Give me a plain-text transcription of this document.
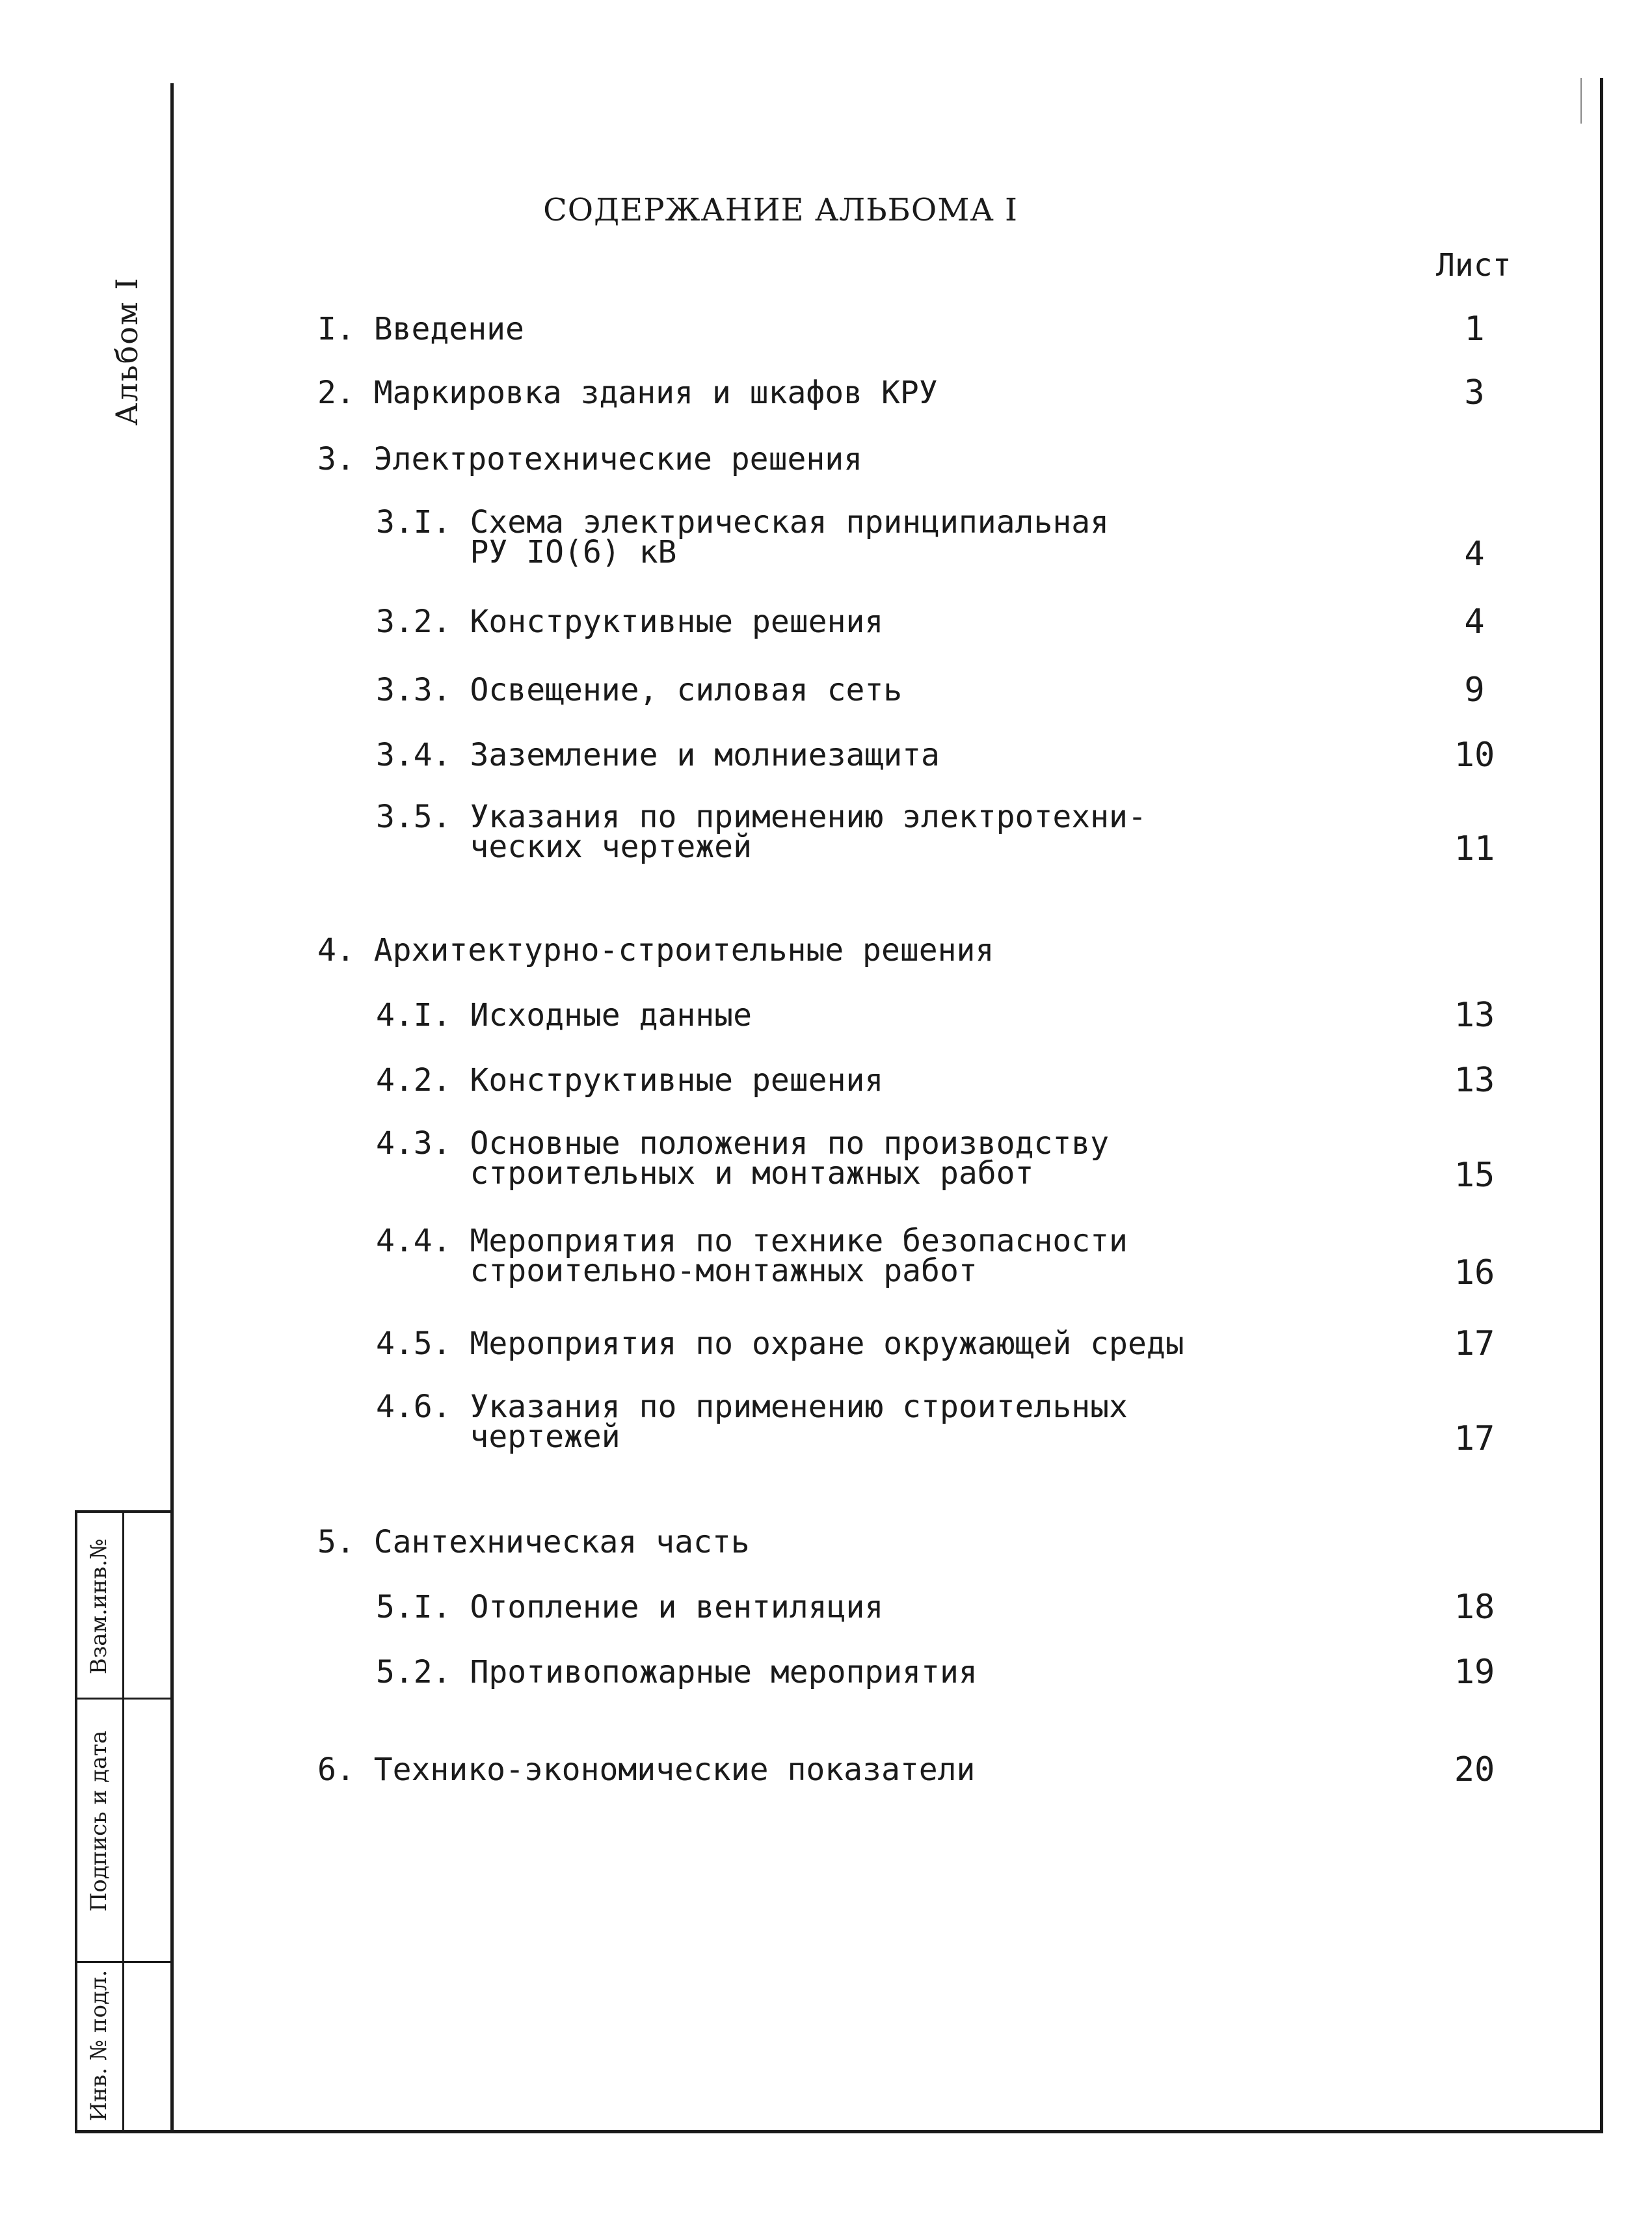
Альбом I
СОДЕРЖАНИЕ АЛЬБОМА I
Лист
I. Введение	1
2. Маркировка здания и шкафов КРУ	3
3. Электротехнические решения
3.I. Схема электрическая принципиальная
РУ IO(6) кВ	4
3.2. Конструктивные решения	4
3.3. Освещение, силовая сеть	9
3.4. Заземление и молниезащита	10
3.5. Указания по применению электротехни-
ческих чертежей	11
4. Архитектурно-строительные решения
4.I. Исходные данные	13
4.2. Конструктивные решения	13
4.3. Основные положения по производству
строительных и монтажных работ	15
4.4. Мероприятия по технике безопасности
строительно-монтажных работ	16
4.5. Мероприятия по охране окружающей среды	17
4.6. Указания по применению строительных
чертежей	17
5. Сантехническая часть
5.I. Отопление и вентиляция	18
5.2. Противопожарные мероприятия	19
6. Технико-экономические показатели	20
Взам.инв.№
Подпись и дата
Инв. № подл.
